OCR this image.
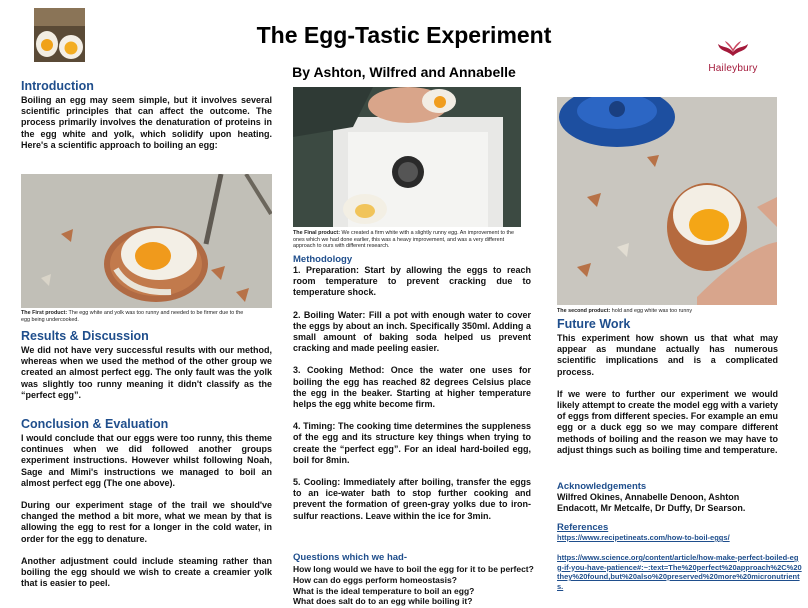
The Egg-Tastic Experiment
By Ashton, Wilfred and Annabelle	Haileybury
Introduction
Boiling an egg may seem simple, but it involves several scientific principles that can affect the outcome. The process primarily involves the denaturation of proteins in the egg white and yolk, which solidify upon heating. Here's a scientific approach to boiling an egg:
The First product: The egg white and yolk was too runny and needed to be firmer due to the egg being undercooked.
Results & Discussion
We did not have very successful results with our method, whereas when we used the method of the other group we created an almost perfect egg. The only fault was the yolk was slightly too runny meaning it didn't classify as the “perfect egg”.
Conclusion & Evaluation

I would conclude that our eggs were too runny, this theme continues when we did followed another groups experiment instructions. However whilst following Noah, Sage and Mimi's instructions we managed to boil an almost perfect egg (The one above).

During our experiment stage of the trail we should've changed the method a bit more, what we mean by that is allowing the egg to rest for a longer in the cold water, in order for the egg to denature.

Another adjustment could include steaming rather than boiling the egg should we wish to create a creamier yolk that is easier to peel.

The Final product: We created a firm white with a slightly runny egg. An improvement to the ones which we had done earlier, this was a heavy improvement, and was a very different approach to ours with different research.
Methodology

1. Preparation: Start by allowing the eggs to reach room temperature to prevent cracking due to temperature shock.

2. Boiling Water: Fill a pot with enough water to cover the eggs by about an inch. Specifically 350ml. Adding a small amount of baking soda helped us prevent cracking and made peeling easier.

3. Cooking Method: Once the water one uses for boiling the egg has reached 82 degrees Celsius place the egg in the beaker. Starting at higher temperature helps the egg white become firm.

4. Timing: The cooking time determines the suppleness of the egg and its structure key things when trying to create the “perfect egg”. For an ideal hard-boiled egg, boil for 8min.

5. Cooling: Immediately after boiling, transfer the eggs to an ice-water bath to stop further cooking and prevent the formation of green-gray yolks due to iron-sulfur reactions. Leave within the ice for 3min.

Questions which we had-
How long would we have to boil the egg for it to be perfect?
How can do eggs perform homeostasis?
What is the ideal temperature to boil an egg?
What does salt do to an egg while boiling it?
The second product: hold and egg white was too runny
Future Work

This experiment how shown us that what may appear as mundane actually has numerous scientific implications and is a complicated process.

If we were to further our experiment we would likely attempt to create the model egg with a variety of eggs from different species. For example an emu egg or a duck egg so we may compare different methods of boiling and the reason we may have to adjust things such as boiling time and temperature.

Acknowledgements
Wilfred Okines, Annabelle Denoon, Ashton Endacott, Mr Metcalfe, Dr Duffy, Dr Searson.
References
https://www.recipetineats.com/how-to-boil-eggs/
https://www.science.org/content/article/how-make-perfect-boiled-egg-if-you-have-patience#:~:text=The%20perfect%20approach%2C%20they%20found,but%20also%20preserved%20more%20micronutrients.
